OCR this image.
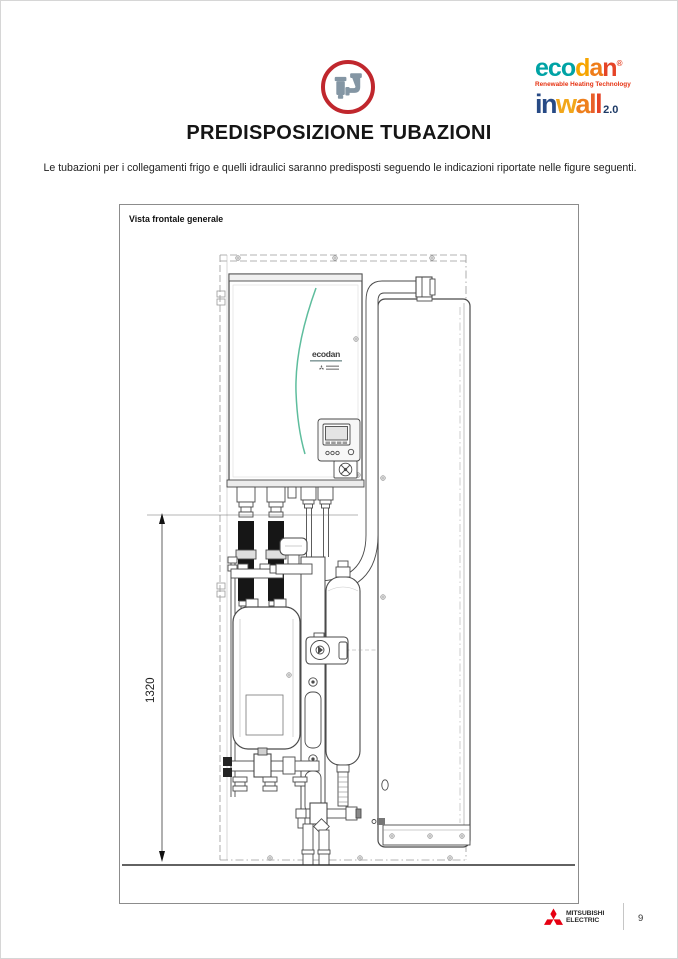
ecodan®
Renewable Heating Technology
inwall 2.0
PREDISPOSIZIONE TUBAZIONI

Le tubazioni per i collegamenti frigo e quelli idraulici saranno predisposti seguendo le indicazioni riportate nelle figure seguenti.

Vista frontale generale
ecodan
1320
MITSUBISHI
ELECTRIC	9
